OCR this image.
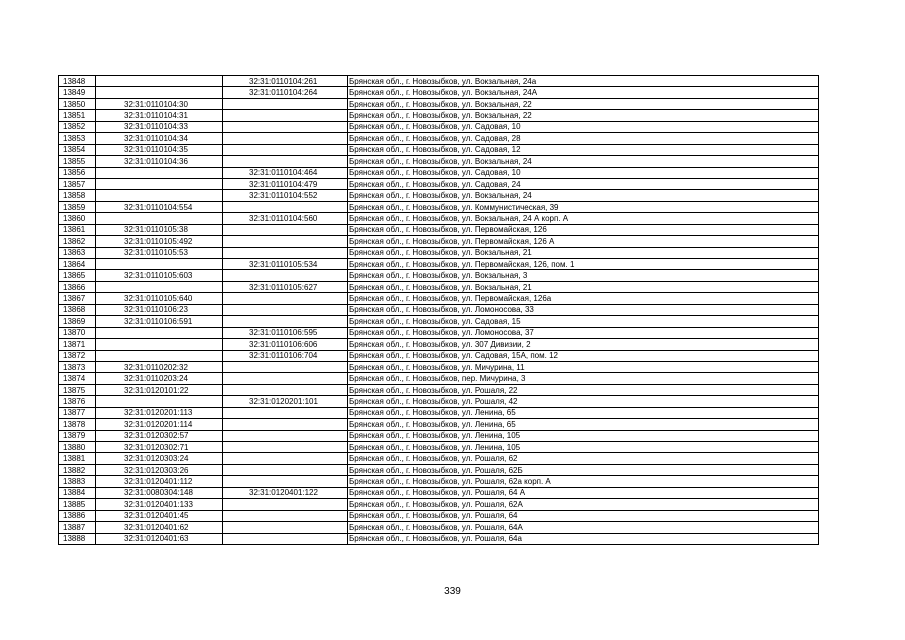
13848		32:31:0110104:261	Брянская обл., г. Новозыбков, ул. Вокзальная, 24а
13849		32:31:0110104:264	Брянская обл., г. Новозыбков, ул. Вокзальная, 24А
13850	32:31:0110104:30		Брянская обл., г. Новозыбков, ул. Вокзальная, 22
13851	32:31:0110104:31		Брянская обл., г. Новозыбков, ул. Вокзальная, 22
13852	32:31:0110104:33		Брянская обл., г. Новозыбков, ул. Садовая, 10
13853	32:31:0110104:34		Брянская обл., г. Новозыбков, ул. Садовая, 28
13854	32:31:0110104:35		Брянская обл., г. Новозыбков, ул. Садовая, 12
13855	32:31:0110104:36		Брянская обл., г. Новозыбков, ул. Вокзальная, 24
13856		32:31:0110104:464	Брянская обл., г. Новозыбков, ул. Садовая, 10
13857		32:31:0110104:479	Брянская обл., г. Новозыбков, ул. Садовая, 24
13858		32:31:0110104:552	Брянская обл., г. Новозыбков, ул. Вокзальная, 24
13859	32:31:0110104:554		Брянская обл., г. Новозыбков, ул. Коммунистическая, 39
13860		32:31:0110104:560	Брянская обл., г. Новозыбков, ул. Вокзальная, 24 А корп. А
13861	32:31:0110105:38		Брянская обл., г. Новозыбков, ул. Первомайская, 126
13862	32:31:0110105:492		Брянская обл., г. Новозыбков, ул. Первомайская, 126 А
13863	32:31:0110105:53		Брянская обл., г. Новозыбков, ул. Вокзальная, 21
13864		32:31:0110105:534	Брянская обл., г. Новозыбков, ул. Первомайская, 126, пом. 1
13865	32:31:0110105:603		Брянская обл., г. Новозыбков, ул. Вокзальная, 3
13866		32:31:0110105:627	Брянская обл., г. Новозыбков, ул. Вокзальная, 21
13867	32:31:0110105:640		Брянская обл., г. Новозыбков, ул. Первомайская, 126а
13868	32:31:0110106:23		Брянская обл., г. Новозыбков, ул. Ломоносова, 33
13869	32:31:0110106:591		Брянская обл., г. Новозыбков, ул. Садовая, 15
13870		32:31:0110106:595	Брянская обл., г. Новозыбков, ул. Ломоносова, 37
13871		32:31:0110106:606	Брянская обл., г. Новозыбков, ул. 307 Дивизии, 2
13872		32:31:0110106:704	Брянская обл., г. Новозыбков, ул. Садовая, 15А, пом. 12
13873	32:31:0110202:32		Брянская обл., г. Новозыбков, ул. Мичурина, 11
13874	32:31:0110203:24		Брянская обл., г. Новозыбков, пер. Мичурина, 3
13875	32:31:0120101:22		Брянская обл., г. Новозыбков, ул. Рошаля, 22
13876		32:31:0120201:101	Брянская обл., г. Новозыбков, ул. Рошаля, 42
13877	32:31:0120201:113		Брянская обл., г. Новозыбков, ул. Ленина, 65
13878	32:31:0120201:114		Брянская обл., г. Новозыбков, ул. Ленина, 65
13879	32:31:0120302:57		Брянская обл., г. Новозыбков, ул. Ленина, 105
13880	32:31:0120302:71		Брянская обл., г. Новозыбков, ул. Ленина, 105
13881	32:31:0120303:24		Брянская обл., г. Новозыбков, ул. Рошаля, 62
13882	32:31:0120303:26		Брянская обл., г. Новозыбков, ул. Рошаля, 62Б
13883	32:31:0120401:112		Брянская обл., г. Новозыбков, ул. Рошаля, 62а корп. А
13884	32:31:0080304:148	32:31:0120401:122	Брянская обл., г. Новозыбков, ул. Рошаля, 64 А
13885	32:31:0120401:133		Брянская обл., г. Новозыбков, ул. Рошаля, 62А
13886	32:31:0120401:45		Брянская обл., г. Новозыбков, ул. Рошаля, 64
13887	32:31:0120401:62		Брянская обл., г. Новозыбков, ул. Рошаля, 64А
13888	32:31:0120401:63		Брянская обл., г. Новозыбков, ул. Рошаля, 64а
339
